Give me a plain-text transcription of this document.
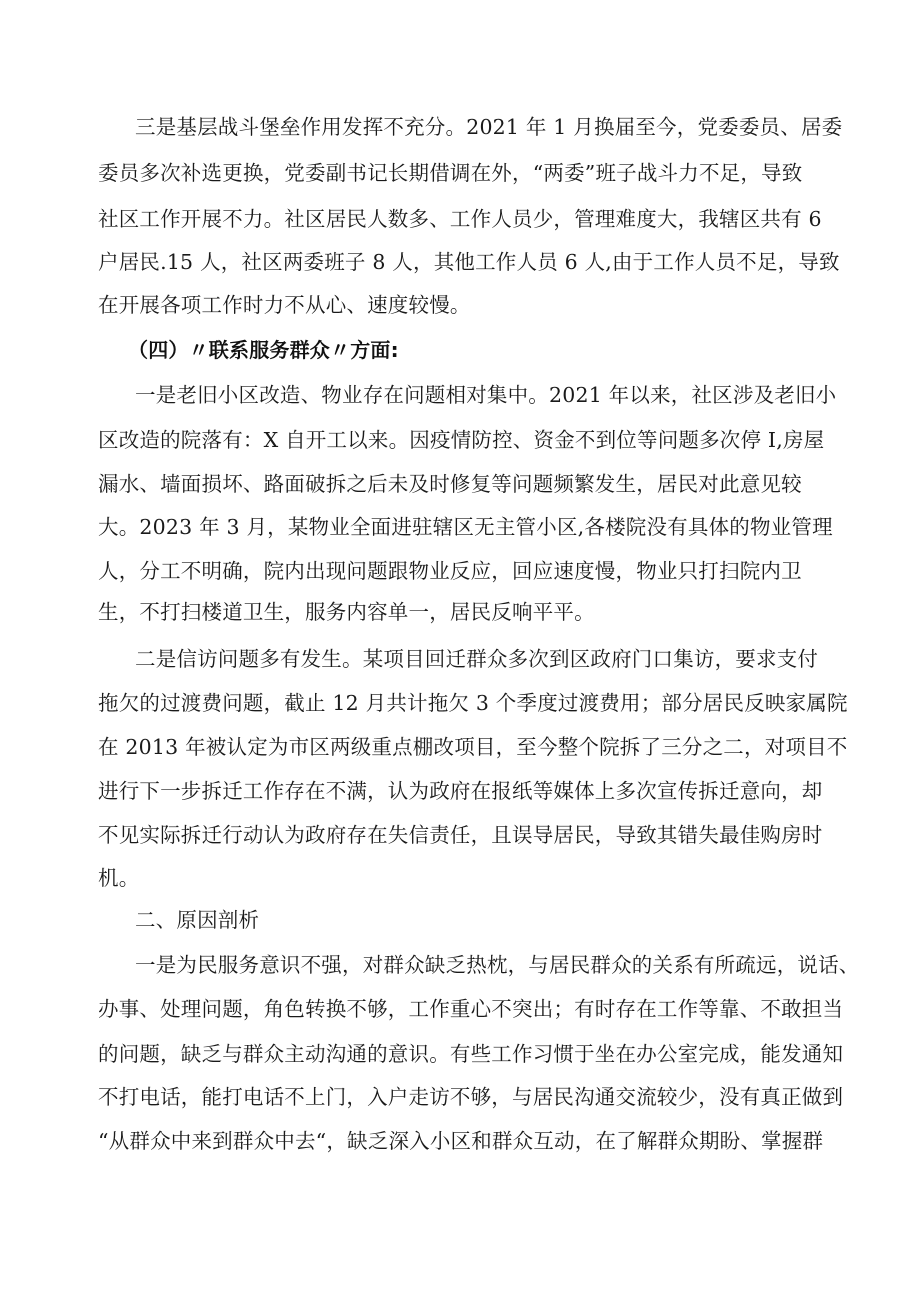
三是基层战斗堡垒作用发挥不充分。2021 年 1 月换届至今，党委委员、居委
委员多次补选更换，党委副书记长期借调在外，“两委”班子战斗力不足，导致
社区工作开展不力。社区居民人数多、工作人员少，管理难度大，我辖区共有 6
户居民.15 人，社区两委班子 8 人，其他工作人员 6 人,由于工作人员不足，导致
在开展各项工作时力不从心、速度较慢。
（四）〃联系服务群众〃方面:
一是老旧小区改造、物业存在问题相对集中。2021 年以来，社区涉及老旧小
区改造的院落有：X 自开工以来。因疫情防控、资金不到位等问题多次停 I,房屋
漏水、墙面损坏、路面破拆之后未及时修复等问题频繁发生，居民对此意见较
大。2023 年 3 月，某物业全面进驻辖区无主管小区,各楼院没有具体的物业管理
人，分工不明确，院内出现问题跟物业反应，回应速度慢，物业只打扫院内卫
生，不打扫楼道卫生，服务内容单一，居民反响平平。
二是信访问题多有发生。某项目回迁群众多次到区政府门口集访，要求支付
拖欠的过渡费问题，截止 12 月共计拖欠 3 个季度过渡费用；部分居民反映家属院
在 2013 年被认定为市区两级重点棚改项目，至今整个院拆了三分之二，对项目不
进行下一步拆迁工作存在不满，认为政府在报纸等媒体上多次宣传拆迁意向，却
不见实际拆迁行动认为政府存在失信责任，且误导居民，导致其错失最佳购房时
机。
二、原因剖析
一是为民服务意识不强，对群众缺乏热枕，与居民群众的关系有所疏远，说话、
办事、处理问题，角色转换不够，工作重心不突出；有时存在工作等靠、不敢担当
的问题，缺乏与群众主动沟通的意识。有些工作习惯于坐在办公室完成，能发通知
不打电话，能打电话不上门，入户走访不够，与居民沟通交流较少，没有真正做到
“从群众中来到群众中去“，缺乏深入小区和群众互动，在了解群众期盼、掌握群
